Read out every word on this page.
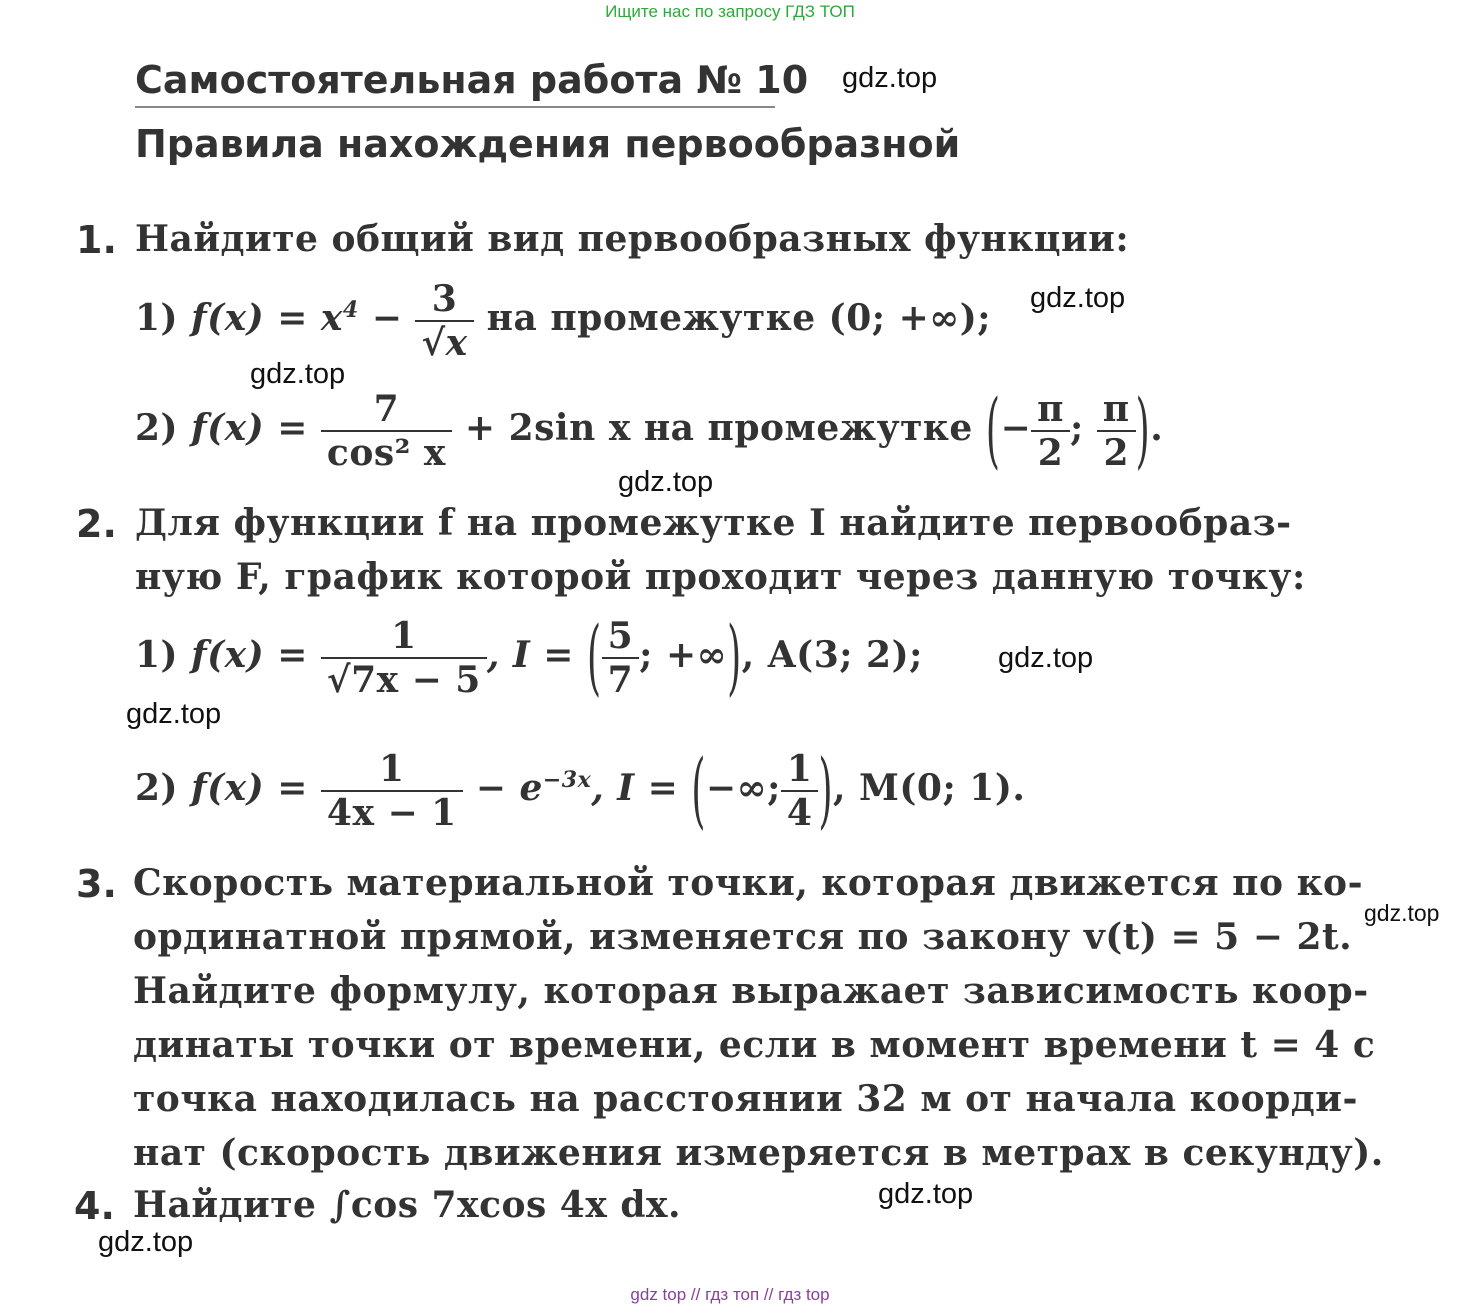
Ищите нас по запросу ГДЗ ТОП
Самостоятельная работа № 10
Правила нахождения первообразной
gdz.top
gdz.top
gdz.top
gdz.top
gdz.top
gdz.top
gdz.top
gdz.top
gdz.top
1. Найдите общий вид первообразных функции:
1) $f(x) = x^4 - \frac{3}{√x}$ на промежутке (0; +∞);
2) $f(x) = \frac{7}{\text{cos² x}} + 2\sin$ x на промежутке (− $\frac{\pi}{2}$ ; $\frac{\pi}{2}$ ).
2. Для функции f на промежутке I найдите первообраз-
ную F, график которой проходит через данную точку:
1) $f(x) = \frac{1}{√7x - 5}$ , I = ( $\frac{5}{7}$ ; +∞), A(3; 2);
2) $f(x) = \frac{1}{4x - 1} - e^{-3x}$, I = (−∞; $\frac{1}{4}$ ), M(0; 1).
3. Скорость материальной точки, которая движется по ко-
ординатной прямой, изменяется по закону v(t) = 5 − 2t.
Найдите формулу, которая выражает зависимость коор-
динаты точки от времени, если в момент времени t = 4 с
точка находилась на расстоянии 32 м от начала коорди-
нат (скорость движения измеряется в метрах в секунду).
4. Найдите ∫cos 7xcos 4x dx.
gdz top // гдз топ // гдз top
